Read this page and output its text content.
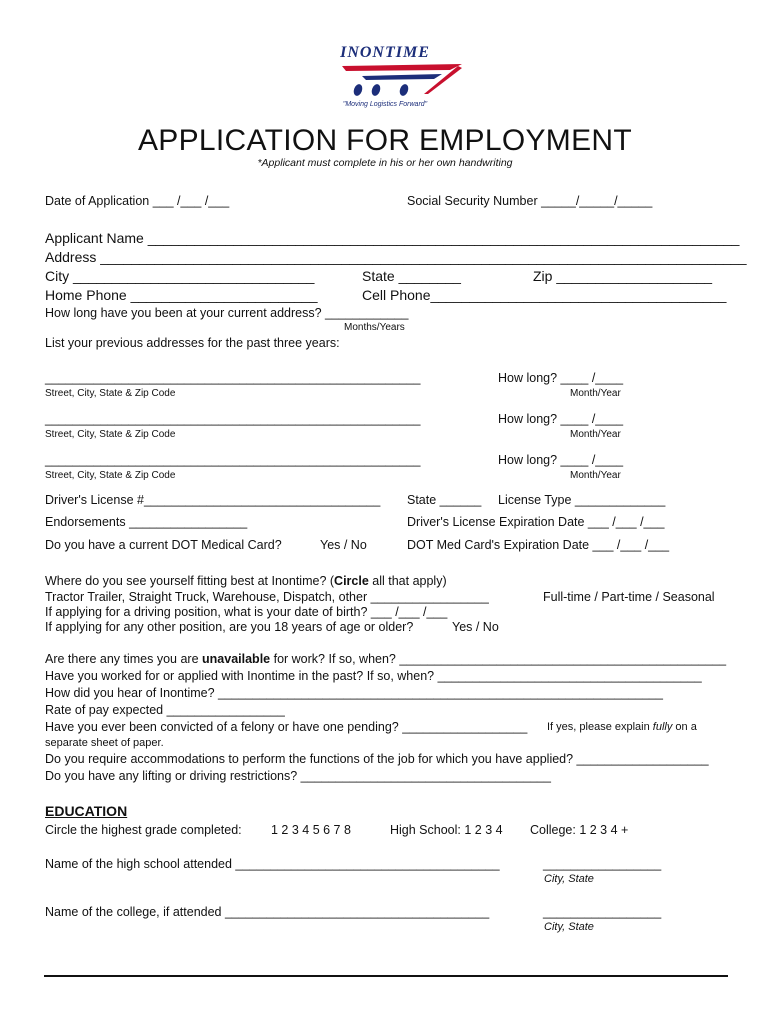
INONTIME
"Moving Logistics Forward"
APPLICATION FOR EMPLOYMENT
*Applicant must complete in his or her own handwriting
Date of Application ___ /___ /___	Social Security Number _____/_____/_____
Applicant Name ____________________________________________________________________________
Address ___________________________________________________________________________________
City _______________________________	State ________	Zip ____________________
Home Phone ________________________	Cell Phone______________________________________
How long have you been at your current address? ____________
Months/Years
List your previous addresses for the past three years:
______________________________________________________	How long? ____ /____
Street, City, State & Zip Code	Month/Year
______________________________________________________	How long? ____ /____
Street, City, State & Zip Code	Month/Year
______________________________________________________	How long? ____ /____
Street, City, State & Zip Code	Month/Year
Driver's License #__________________________________ State ______ License Type _____________
Endorsements _________________	Driver's License Expiration Date ___ /___ /___
Do you have a current DOT Medical Card?	Yes / No	DOT Med Card's Expiration Date ___ /___ /___
Where do you see yourself fitting best at Inontime? (Circle all that apply)
Tractor Trailer, Straight Truck, Warehouse, Dispatch, other _________________	Full-time / Part-time / Seasonal
If applying for a driving position, what is your date of birth? ___ /___ /___
If applying for any other position, are you 18 years of age or older?	Yes / No
Are there any times you are unavailable for work? If so, when? _______________________________________________
Have you worked for or applied with Inontime in the past? If so, when? ______________________________________
How did you hear of Inontime? ________________________________________________________________
Rate of pay expected _________________
Have you ever been convicted of a felony or have one pending? __________________ If yes, please explain fully on a
separate sheet of paper.
Do you require accommodations to perform the functions of the job for which you have applied? ___________________
Do you have any lifting or driving restrictions? ____________________________________
EDUCATION
Circle the highest grade completed: 1 2 3 4 5 6 7 8	High School: 1 2 3 4 College: 1 2 3 4 +
Name of the high school attended ______________________________________	_________________
City, State
Name of the college, if attended ______________________________________	_________________
City, State
